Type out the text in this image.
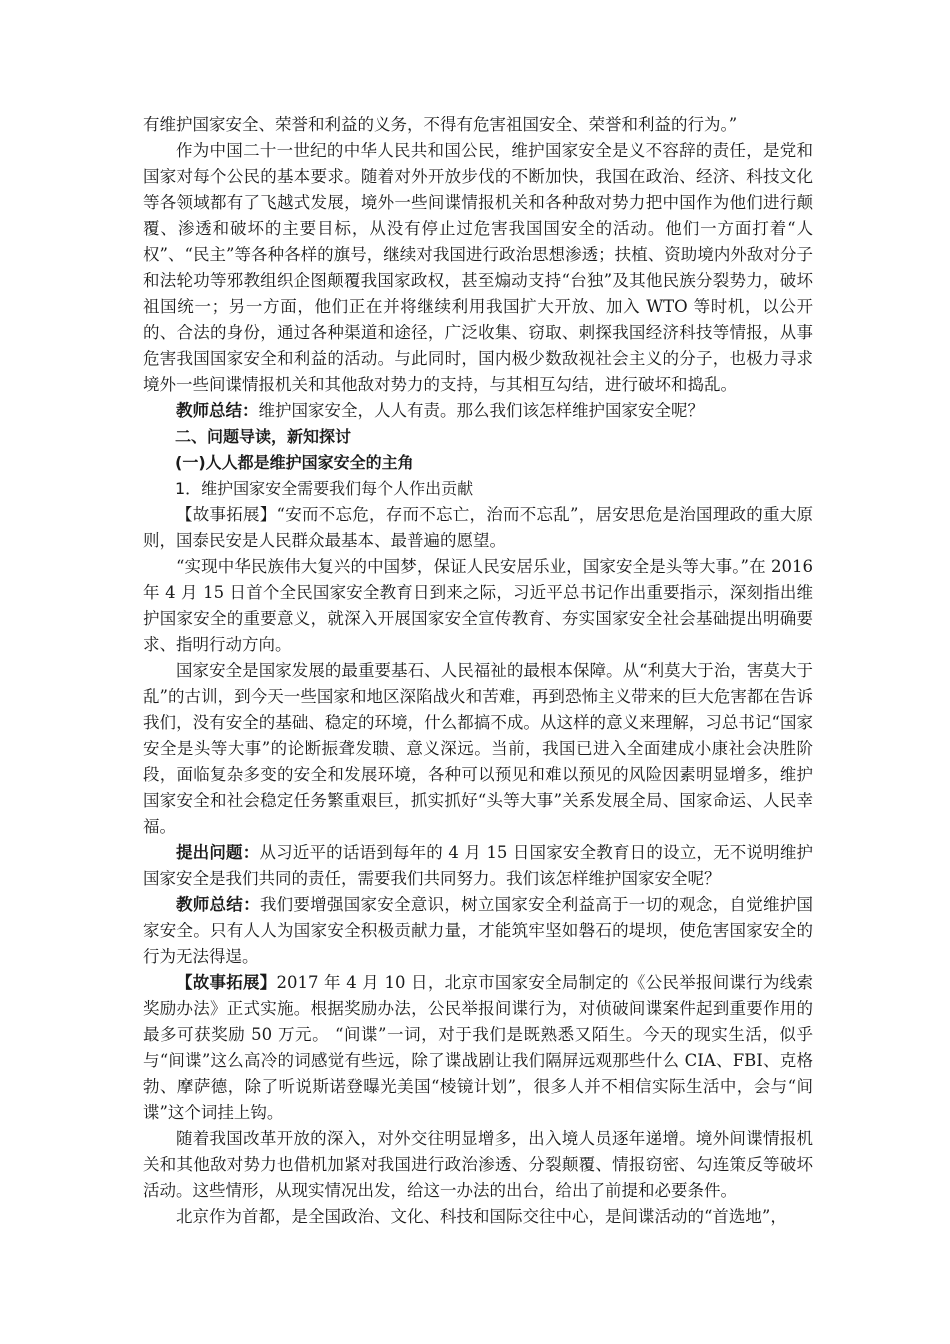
有维护国家安全、荣誉和利益的义务，不得有危害祖国安全、荣誉和利益的行为。”

作为中国二十一世纪的中华人民共和国公民，维护国家安全是义不容辞的责任，是党和国家对每个公民的基本要求。随着对外开放步伐的不断加快，我国在政治、经济、科技文化等各领域都有了飞越式发展，境外一些间谍情报机关和各种敌对势力把中国作为他们进行颠覆、渗透和破坏的主要目标，从没有停止过危害我国国安全的活动。他们一方面打着“人权”、“民主”等各种各样的旗号，继续对我国进行政治思想渗透；扶植、资助境内外敌对分子和法轮功等邪教组织企图颠覆我国家政权，甚至煽动支持“台独”及其他民族分裂势力，破坏祖国统一；另一方面，他们正在并将继续利用我国扩大开放、加入 WTO 等时机，以公开的、合法的身份，通过各种渠道和途径，广泛收集、窃取、刺探我国经济科技等情报，从事危害我国国家安全和利益的活动。与此同时，国内极少数敌视社会主义的分子，也极力寻求境外一些间谍情报机关和其他敌对势力的支持，与其相互勾结，进行破坏和捣乱。

教师总结：维护国家安全，人人有责。那么我们该怎样维护国家安全呢？

二、问题导读，新知探讨

(一)人人都是维护国家安全的主角

1．维护国家安全需要我们每个人作出贡献

【故事拓展】“安而不忘危，存而不忘亡，治而不忘乱”，居安思危是治国理政的重大原则，国泰民安是人民群众最基本、最普遍的愿望。

“实现中华民族伟大复兴的中国梦，保证人民安居乐业，国家安全是头等大事。”在 2016 年 4 月 15 日首个全民国家安全教育日到来之际，习近平总书记作出重要指示，深刻指出维护国家安全的重要意义，就深入开展国家安全宣传教育、夯实国家安全社会基础提出明确要求、指明行动方向。

国家安全是国家发展的最重要基石、人民福祉的最根本保障。从“利莫大于治，害莫大于乱”的古训，到今天一些国家和地区深陷战火和苦难，再到恐怖主义带来的巨大危害都在告诉我们，没有安全的基础、稳定的环境，什么都搞不成。从这样的意义来理解，习总书记“国家安全是头等大事”的论断振聋发聩、意义深远。当前，我国已进入全面建成小康社会决胜阶段，面临复杂多变的安全和发展环境，各种可以预见和难以预见的风险因素明显增多，维护国家安全和社会稳定任务繁重艰巨，抓实抓好“头等大事”关系发展全局、国家命运、人民幸福。

提出问题：从习近平的话语到每年的 4 月 15 日国家安全教育日的设立，无不说明维护国家安全是我们共同的责任，需要我们共同努力。我们该怎样维护国家安全呢？

教师总结：我们要增强国家安全意识，树立国家安全利益高于一切的观念，自觉维护国家安全。只有人人为国家安全积极贡献力量，才能筑牢坚如磐石的堤坝，使危害国家安全的行为无法得逞。

【故事拓展】2017 年 4 月 10 日，北京市国家安全局制定的《公民举报间谍行为线索奖励办法》正式实施。根据奖励办法，公民举报间谍行为，对侦破间谍案件起到重要作用的最多可获奖励 50 万元。 “间谍”一词，对于我们是既熟悉又陌生。今天的现实生活，似乎与“间谍”这么高冷的词感觉有些远，除了谍战剧让我们隔屏远观那些什么 CIA、FBI、克格勃、摩萨德，除了听说斯诺登曝光美国“棱镜计划”，很多人并不相信实际生活中，会与“间谍”这个词挂上钩。

随着我国改革开放的深入，对外交往明显增多，出入境人员逐年递增。境外间谍情报机关和其他敌对势力也借机加紧对我国进行政治渗透、分裂颠覆、情报窃密、勾连策反等破坏活动。这些情形，从现实情况出发，给这一办法的出台，给出了前提和必要条件。

北京作为首都，是全国政治、文化、科技和国际交往中心，是间谍活动的“首选地”，
